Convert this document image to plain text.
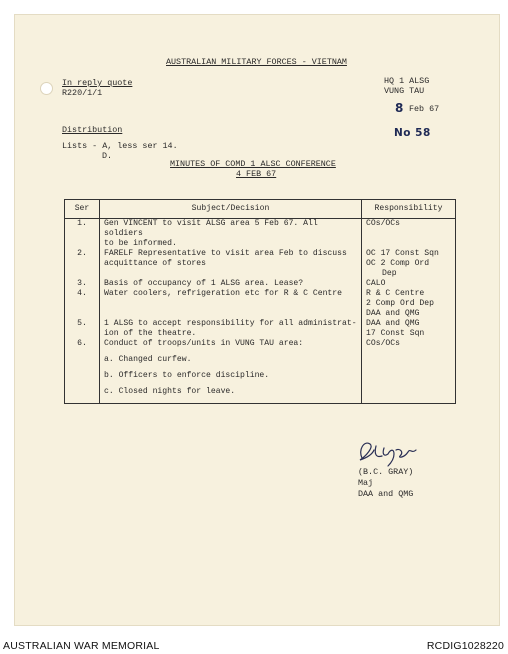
AUSTRALIAN MILITARY FORCES - VIETNAM
In reply quote
R220/1/1
HQ 1 ALSG
VUNG TAU
8 Feb 67
No 58
Distribution
Lists - A, less ser 14.
D.
MINUTES OF COMD 1 ALSC CONFERENCE
4 FEB 67
Ser	Subject/Decision	Responsibility
1.	Gen VINCENT to visit ALSG area 5 Feb 67. All soldiers
to be informed.	COs/OCs
2.	FARELF Representative to visit area Feb to discuss
acquittance of stores	OC 17 Const Sqn
OC 2 Comp Ord
Dep
3.	Basis of occupancy of 1 ALSG area. Lease?	CALO
4.	Water coolers, refrigeration etc for R & C Centre	R & C Centre
2 Comp Ord Dep
DAA and QMG
5.	1 ALSG to accept responsibility for all administrat-
ion of the theatre.	DAA and QMG
17 Const Sqn
6.	Conduct of troops/units in VUNG TAU area:
a. Changed curfew.
b. Officers to enforce discipline.
c. Closed nights for leave.	COs/OCs
(B.C. GRAY)
Maj
DAA and QMG
AUSTRALIAN WAR MEMORIAL	RCDIG1028220
